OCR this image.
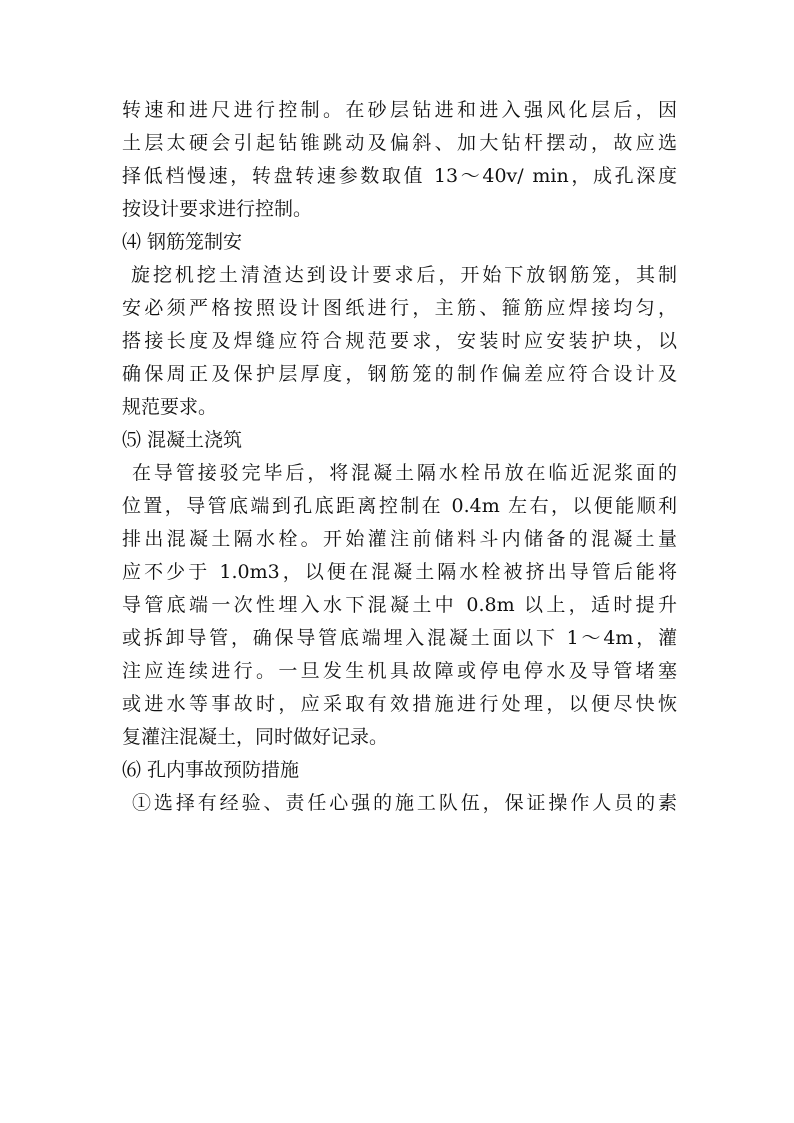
转速和进尺进行控制。在砂层钻进和进入强风化层后，因
土层太硬会引起钻锥跳动及偏斜、加大钻杆摆动，故应选
择低档慢速，转盘转速参数取值 13～40v/ min，成孔深度
按设计要求进行控制。
⑷ 钢筋笼制安
旋挖机挖土清渣达到设计要求后，开始下放钢筋笼，其制
安必须严格按照设计图纸进行，主筋、箍筋应焊接均匀，
搭接长度及焊缝应符合规范要求，安装时应安装护块，以
确保周正及保护层厚度，钢筋笼的制作偏差应符合设计及
规范要求。
⑸ 混凝土浇筑
在导管接驳完毕后，将混凝土隔水栓吊放在临近泥浆面的
位置，导管底端到孔底距离控制在 0.4m 左右，以便能顺利
排出混凝土隔水栓。开始灌注前储料斗内储备的混凝土量
应不少于 1.0m3，以便在混凝土隔水栓被挤出导管后能将
导管底端一次性埋入水下混凝土中 0.8m 以上，适时提升
或拆卸导管，确保导管底端埋入混凝土面以下 1～4m，灌
注应连续进行。一旦发生机具故障或停电停水及导管堵塞
或进水等事故时，应采取有效措施进行处理，以便尽快恢
复灌注混凝土，同时做好记录。
⑹ 孔内事故预防措施
①选择有经验、责任心强的施工队伍，保证操作人员的素
